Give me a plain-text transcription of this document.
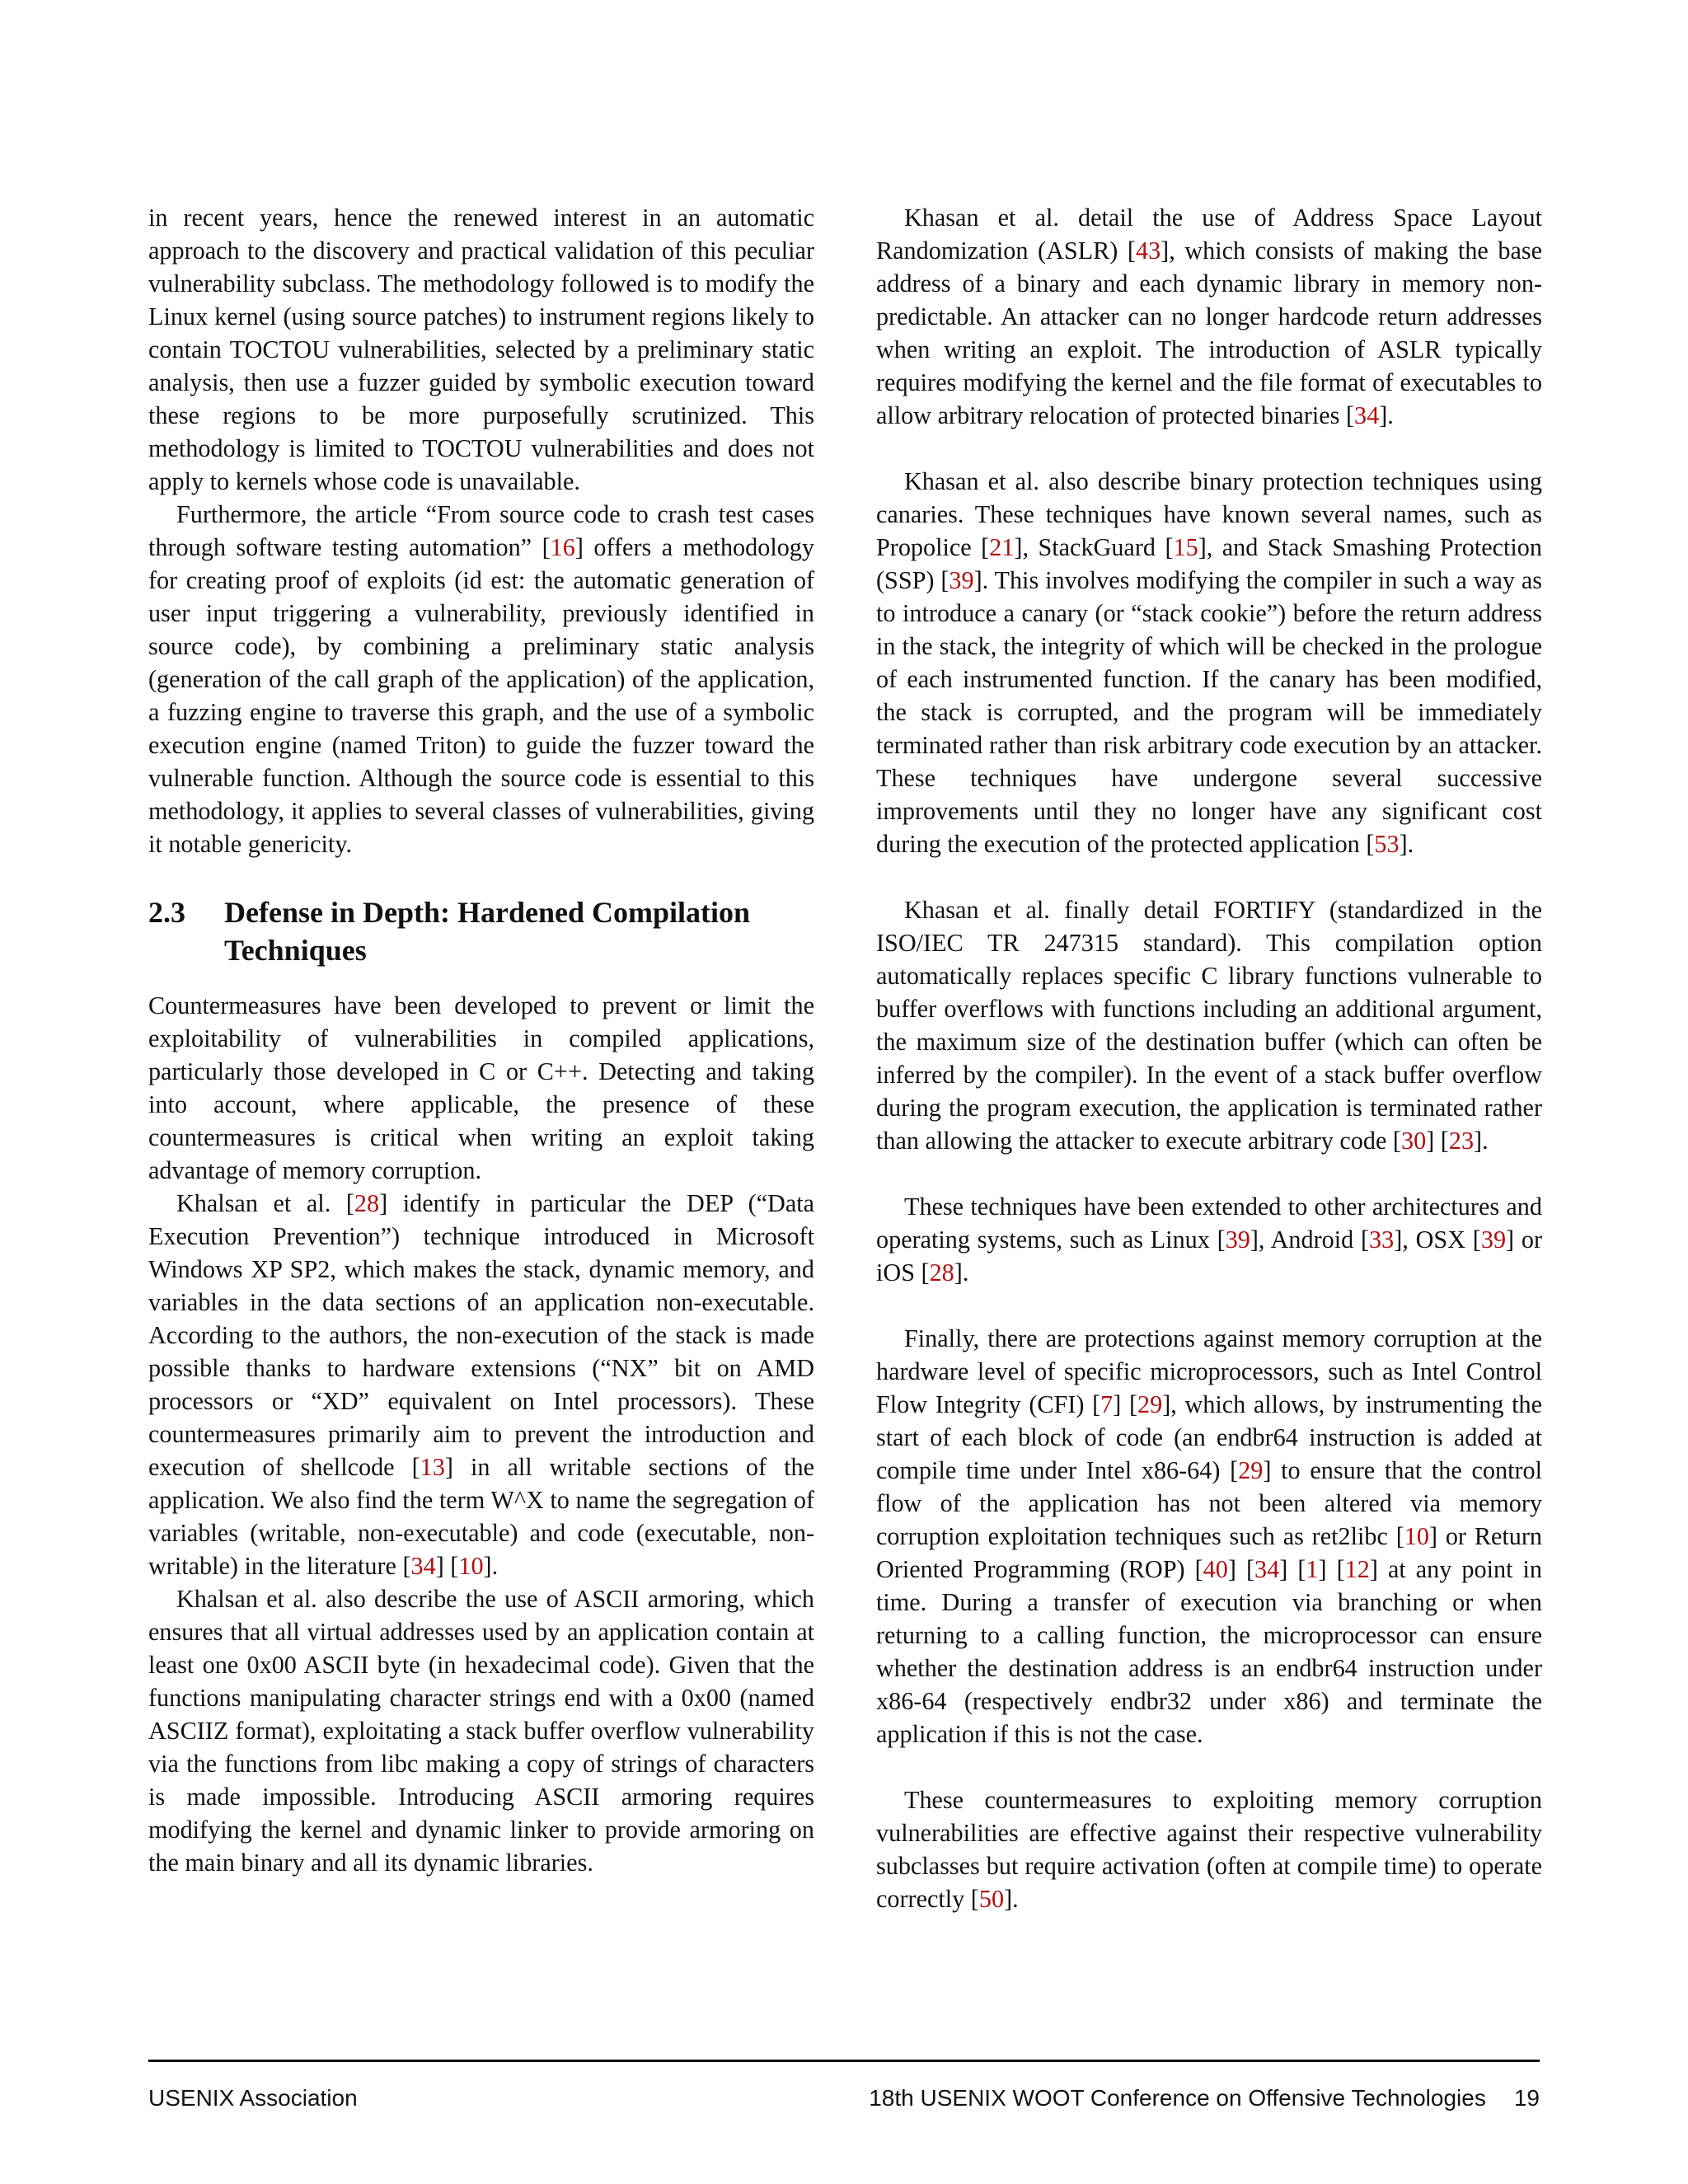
in recent years, hence the renewed interest in an automatic approach to the discovery and practical validation of this peculiar vulnerability subclass. The methodology followed is to modify the Linux kernel (using source patches) to instrument regions likely to contain TOCTOU vulnerabilities, selected by a preliminary static analysis, then use a fuzzer guided by symbolic execution toward these regions to be more purposefully scrutinized. This methodology is limited to TOCTOU vulnerabilities and does not apply to kernels whose code is unavailable.

Furthermore, the article “From source code to crash test cases through software testing automation” [16] offers a methodology for creating proof of exploits (id est: the automatic generation of user input triggering a vulnerability, previously identified in source code), by combining a preliminary static analysis (generation of the call graph of the application) of the application, a fuzzing engine to traverse this graph, and the use of a symbolic execution engine (named Triton) to guide the fuzzer toward the vulnerable function. Although the source code is essential to this methodology, it applies to several classes of vulnerabilities, giving it notable genericity.

2.3	Defense in Depth: Hardened Compilation Techniques

Countermeasures have been developed to prevent or limit the exploitability of vulnerabilities in compiled applications, particularly those developed in C or C++. Detecting and taking into account, where applicable, the presence of these countermeasures is critical when writing an exploit taking advantage of memory corruption.

Khalsan et al. [28] identify in particular the DEP (“Data Execution Prevention”) technique introduced in Microsoft Windows XP SP2, which makes the stack, dynamic memory, and variables in the data sections of an application non-executable. According to the authors, the non-execution of the stack is made possible thanks to hardware extensions (“NX” bit on AMD processors or “XD” equivalent on Intel processors). These countermeasures primarily aim to prevent the introduction and execution of shellcode [13] in all writable sections of the application. We also find the term W^X to name the segregation of variables (writable, non-executable) and code (executable, non-writable) in the literature [34] [10].

Khalsan et al. also describe the use of ASCII armoring, which ensures that all virtual addresses used by an application contain at least one 0x00 ASCII byte (in hexadecimal code). Given that the functions manipulating character strings end with a 0x00 (named ASCIIZ format), exploitating a stack buffer overflow vulnerability via the functions from libc making a copy of strings of characters is made impossible. Introducing ASCII armoring requires modifying the kernel and dynamic linker to provide armoring on the main binary and all its dynamic libraries.

Khasan et al. detail the use of Address Space Layout Randomization (ASLR) [43], which consists of making the base address of a binary and each dynamic library in memory non-predictable. An attacker can no longer hardcode return addresses when writing an exploit. The introduction of ASLR typically requires modifying the kernel and the file format of executables to allow arbitrary relocation of protected binaries [34].

Khasan et al. also describe binary protection techniques using canaries. These techniques have known several names, such as Propolice [21], StackGuard [15], and Stack Smashing Protection (SSP) [39]. This involves modifying the compiler in such a way as to introduce a canary (or “stack cookie”) before the return address in the stack, the integrity of which will be checked in the prologue of each instrumented function. If the canary has been modified, the stack is corrupted, and the program will be immediately terminated rather than risk arbitrary code execution by an attacker. These techniques have undergone several successive improvements until they no longer have any significant cost during the execution of the protected application [53].

Khasan et al. finally detail FORTIFY (standardized in the ISO/IEC TR 247315 standard). This compilation option automatically replaces specific C library functions vulnerable to buffer overflows with functions including an additional argument, the maximum size of the destination buffer (which can often be inferred by the compiler). In the event of a stack buffer overflow during the program execution, the application is terminated rather than allowing the attacker to execute arbitrary code [30] [23].

These techniques have been extended to other architectures and operating systems, such as Linux [39], Android [33], OSX [39] or iOS [28].

Finally, there are protections against memory corruption at the hardware level of specific microprocessors, such as Intel Control Flow Integrity (CFI) [7] [29], which allows, by instrumenting the start of each block of code (an endbr64 instruction is added at compile time under Intel x86-64) [29] to ensure that the control flow of the application has not been altered via memory corruption exploitation techniques such as ret2libc [10] or Return Oriented Programming (ROP) [40] [34] [1] [12] at any point in time. During a transfer of execution via branching or when returning to a calling function, the microprocessor can ensure whether the destination address is an endbr64 instruction under x86-64 (respectively endbr32 under x86) and terminate the application if this is not the case.

These countermeasures to exploiting memory corruption vulnerabilities are effective against their respective vulnerability subclasses but require activation (often at compile time) to operate correctly [50].

USENIX Association	18th USENIX WOOT Conference on Offensive Technologies 19
